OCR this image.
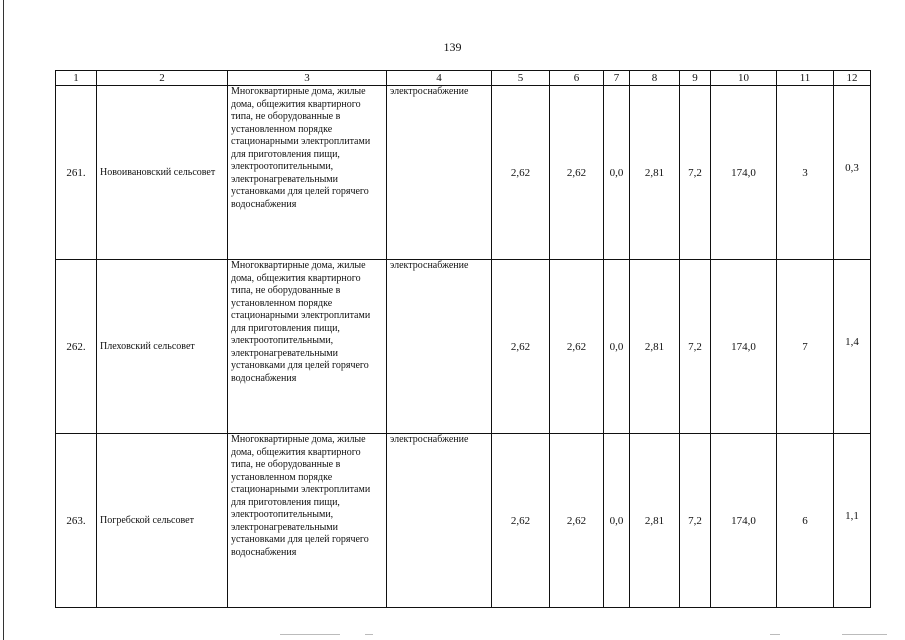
139
1	2	3	4	5	6	7	8	9	10	11	12
261.	Новоивановский сельсовет	Многоквартирные дома, жилые дома, общежития квартирного типа, не оборудованные в установленном порядке стационарными электроплитами для приготовления пищи, электроотопительными, электронагревательными установками для целей горячего водоснабжения	электроснабжение	2,62	2,62	0,0	2,81	7,2	174,0	3	0,3
262.	Плеховский сельсовет	Многоквартирные дома, жилые дома, общежития квартирного типа, не оборудованные в установленном порядке стационарными электроплитами для приготовления пищи, электроотопительными, электронагревательными установками для целей горячего водоснабжения	электроснабжение	2,62	2,62	0,0	2,81	7,2	174,0	7	1,4
263.	Погребской сельсовет	Многоквартирные дома, жилые дома, общежития квартирного типа, не оборудованные в установленном порядке стационарными электроплитами для приготовления пищи, электроотопительными, электронагревательными установками для целей горячего водоснабжения	электроснабжение	2,62	2,62	0,0	2,81	7,2	174,0	6	1,1
